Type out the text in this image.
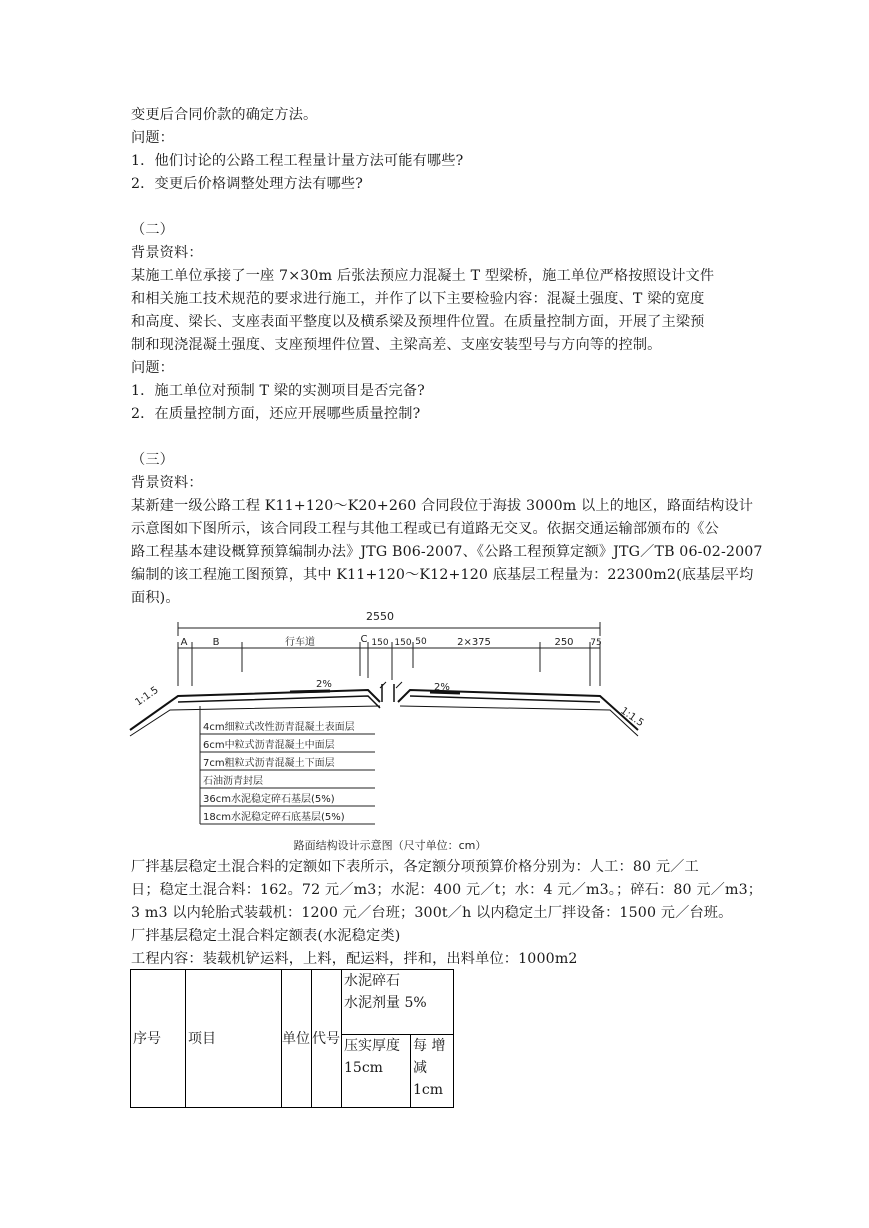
变更后合同价款的确定方法。
问题：
1．他们讨论的公路工程工程量计量方法可能有哪些?
2．变更后价格调整处理方法有哪些?
（二）
背景资料：
某施工单位承接了一座 7×30m 后张法预应力混凝土 T 型梁桥，施工单位严格按照设计文件
和相关施工技术规范的要求进行施工，并作了以下主要检验内容：混凝土强度、T 梁的宽度
和高度、梁长、支座表面平整度以及横系梁及预埋件位置。在质量控制方面，开展了主梁预
制和现浇混凝土强度、支座预埋件位置、主梁高差、支座安装型号与方向等的控制。
问题：
1．施工单位对预制 T 梁的实测项目是否完备?
2．在质量控制方面，还应开展哪些质量控制?
（三）
背景资料：
某新建一级公路工程 K11+120～K20+260 合同段位于海拔 3000m 以上的地区，路面结构设计
示意图如下图所示，该合同段工程与其他工程或已有道路无交叉。依据交通运输部颁布的《公
路工程基本建设概算预算编制办法》JTG B06-2007、《公路工程预算定额》JTG／TB 06-02-2007
编制的该工程施工图预算，其中 K11+120～K12+120 底基层工程量为：22300m2(底基层平均
面积)。
2550
A	B	行车道	C 150 150 50	2×375	250 75
1:1.5
1:1.5
2%	2%
4cm细粒式改性沥青混凝土表面层
6cm中粒式沥青混凝土中面层
7cm粗粒式沥青混凝土下面层
石油沥青封层
36cm水泥稳定碎石基层(5%)
18cm水泥稳定碎石底基层(5%)
路面结构设计示意图（尺寸单位：cm）
厂拌基层稳定土混合料的定额如下表所示，各定额分项预算价格分别为：人工：80 元／工
日；稳定土混合料：162。72 元／m3；水泥：400 元／t；水：4 元／m3。；碎石：80 元／m3；
3 m3 以内轮胎式装载机：1200 元／台班；300t／h 以内稳定土厂拌设备：1500 元／台班。
厂拌基层稳定土混合料定额表(水泥稳定类)
工程内容：装载机铲运料，上料，配运料，拌和，出料单位：1000m2
序号	项目	单位	代号	水泥碎石
水泥剂量 5%	

				压实厚度 15cm	每 增 减 1cm
